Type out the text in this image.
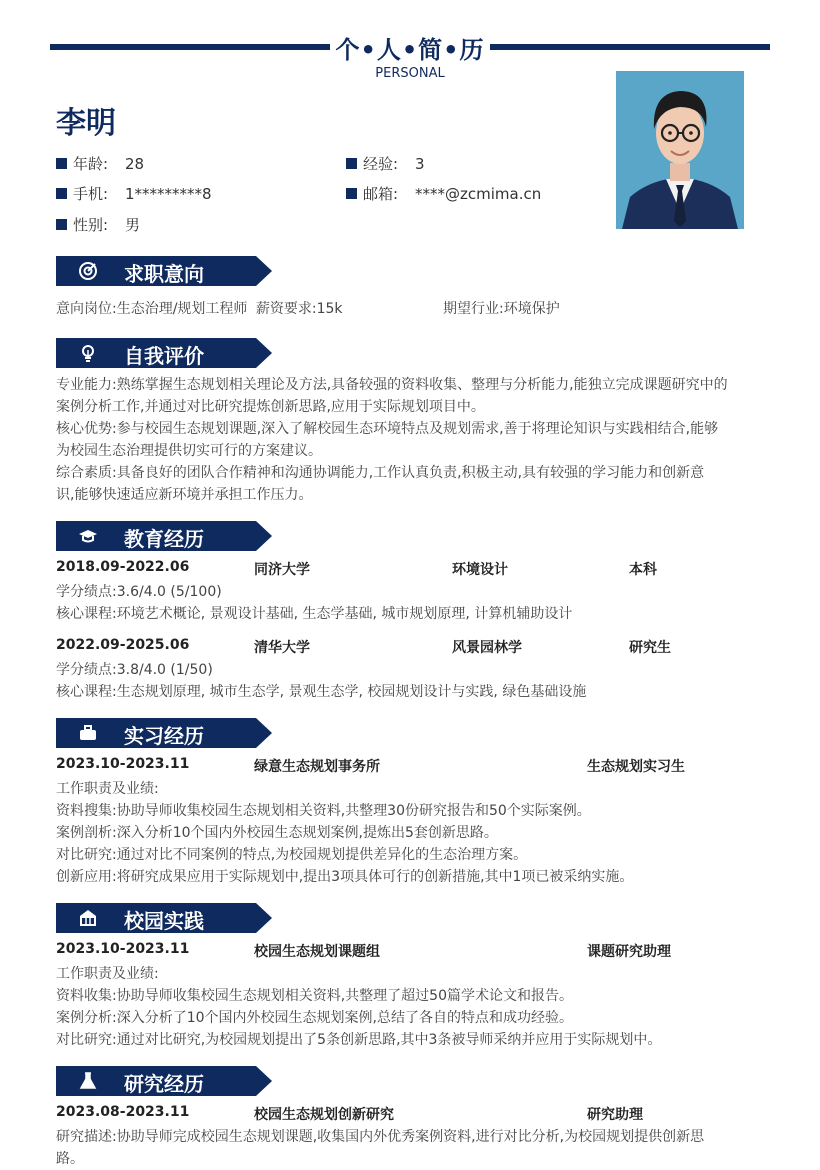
个•人•简•历
PERSONAL
李明
年龄:	28	经验:	3
手机:	1*********8	邮箱:	****@zcmima.cn
性别:	男
求职意向
意向岗位:生态治理/规划工程师 薪资要求:15k	期望行业:环境保护
自我评价
专业能力:熟练掌握生态规划相关理论及方法,具备较强的资料收集、整理与分析能力,能独立完成课题研究中的
案例分析工作,并通过对比研究提炼创新思路,应用于实际规划项目中。
核心优势:参与校园生态规划课题,深入了解校园生态环境特点及规划需求,善于将理论知识与实践相结合,能够
为校园生态治理提供切实可行的方案建议。
综合素质:具备良好的团队合作精神和沟通协调能力,工作认真负责,积极主动,具有较强的学习能力和创新意
识,能够快速适应新环境并承担工作压力。
教育经历
2018.09-2022.06	同济大学	环境设计	本科
学分绩点:3.6/4.0 (5/100)
核心课程:环境艺术概论, 景观设计基础, 生态学基础, 城市规划原理, 计算机辅助设计
2022.09-2025.06	清华大学	风景园林学	研究生
学分绩点:3.8/4.0 (1/50)
核心课程:生态规划原理, 城市生态学, 景观生态学, 校园规划设计与实践, 绿色基础设施
实习经历
2023.10-2023.11	绿意生态规划事务所	生态规划实习生
工作职责及业绩:
资料搜集:协助导师收集校园生态规划相关资料,共整理30份研究报告和50个实际案例。
案例剖析:深入分析10个国内外校园生态规划案例,提炼出5套创新思路。
对比研究:通过对比不同案例的特点,为校园规划提供差异化的生态治理方案。
创新应用:将研究成果应用于实际规划中,提出3项具体可行的创新措施,其中1项已被采纳实施。
校园实践
2023.10-2023.11	校园生态规划课题组	课题研究助理
工作职责及业绩:
资料收集:协助导师收集校园生态规划相关资料,共整理了超过50篇学术论文和报告。
案例分析:深入分析了10个国内外校园生态规划案例,总结了各自的特点和成功经验。
对比研究:通过对比研究,为校园规划提出了5条创新思路,其中3条被导师采纳并应用于实际规划中。
研究经历
2023.08-2023.11	校园生态规划创新研究	研究助理
研究描述:协助导师完成校园生态规划课题,收集国内外优秀案例资料,进行对比分析,为校园规划提供创新思
路。
